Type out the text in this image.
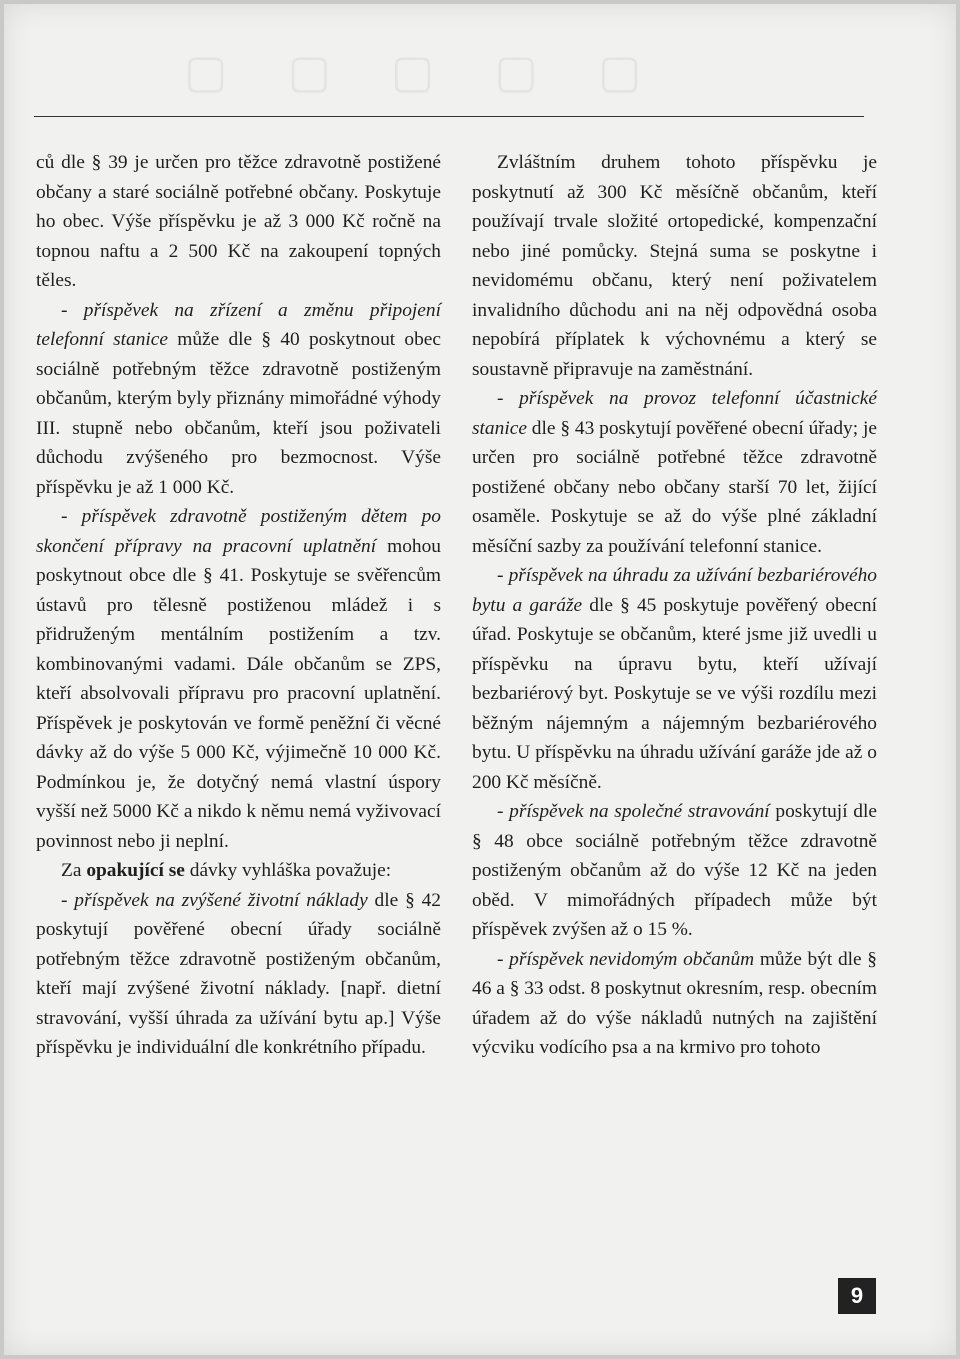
▢▢▢▢▢

ců dle § 39 je určen pro těžce zdravotně postižené občany a staré sociálně potřebné občany. Poskytuje ho obec. Výše příspěvku je až 3 000 Kč ročně na topnou naftu a 2 500 Kč na zakoupení topných těles.

- příspěvek na zřízení a změnu připojení telefonní stanice může dle § 40 poskytnout obec sociálně potřebným těžce zdravotně postiženým občanům, kterým byly přiznány mimořádné výhody III. stupně nebo občanům, kteří jsou poživateli důchodu zvýšeného pro bezmocnost. Výše příspěvku je až 1 000 Kč.

- příspěvek zdravotně postiženým dětem po skončení přípravy na pracovní uplatnění mohou poskytnout obce dle § 41. Poskytuje se svěřencům ústavů pro tělesně postiženou mládež i s přidruženým mentálním postižením a tzv. kombinovanými vadami. Dále občanům se ZPS, kteří absolvovali přípravu pro pracovní uplatnění. Příspěvek je poskytován ve formě peněžní či věcné dávky až do výše 5 000 Kč, výjimečně 10 000 Kč. Podmínkou je, že dotyčný nemá vlastní úspory vyšší než 5000 Kč a nikdo k němu nemá vyživovací povinnost nebo ji neplní.

Za opakující se dávky vyhláška považuje:

- příspěvek na zvýšené životní náklady dle § 42 poskytují pověřené obecní úřady sociálně potřebným těžce zdravotně postiženým občanům, kteří mají zvýšené životní náklady. [např. dietní stravování, vyšší úhrada za užívání bytu ap.] Výše příspěvku je individuální dle konkrétního případu.

Zvláštním druhem tohoto příspěvku je poskytnutí až 300 Kč měsíčně občanům, kteří používají trvale složité ortopedické, kompenzační nebo jiné pomůcky. Stejná suma se poskytne i nevidomému občanu, který není poživatelem invalidního důchodu ani na něj odpovědná osoba nepobírá příplatek k výchovnému a který se soustavně připravuje na zaměstnání.

- příspěvek na provoz telefonní účastnické stanice dle § 43 poskytují pověřené obecní úřady; je určen pro sociálně potřebné těžce zdravotně postižené občany nebo občany starší 70 let, žijící osaměle. Poskytuje se až do výše plné základní měsíční sazby za používání telefonní stanice.

- příspěvek na úhradu za užívání bezbariérového bytu a garáže dle § 45 poskytuje pověřený obecní úřad. Poskytuje se občanům, které jsme již uvedli u příspěvku na úpravu bytu, kteří užívají bezbariérový byt. Poskytuje se ve výši rozdílu mezi běžným nájemným a nájemným bezbariérového bytu. U příspěvku na úhradu užívání garáže jde až o 200 Kč měsíčně.

- příspěvek na společné stravování poskytují dle § 48 obce sociálně potřebným těžce zdravotně postiženým občanům až do výše 12 Kč na jeden oběd. V mimořádných případech může být příspěvek zvýšen až o 15 %.

- příspěvek nevidomým občanům může být dle § 46 a § 33 odst. 8 poskytnut okresním, resp. obecním úřadem až do výše nákladů nutných na zajištění výcviku vodícího psa a na krmivo pro tohoto

9
